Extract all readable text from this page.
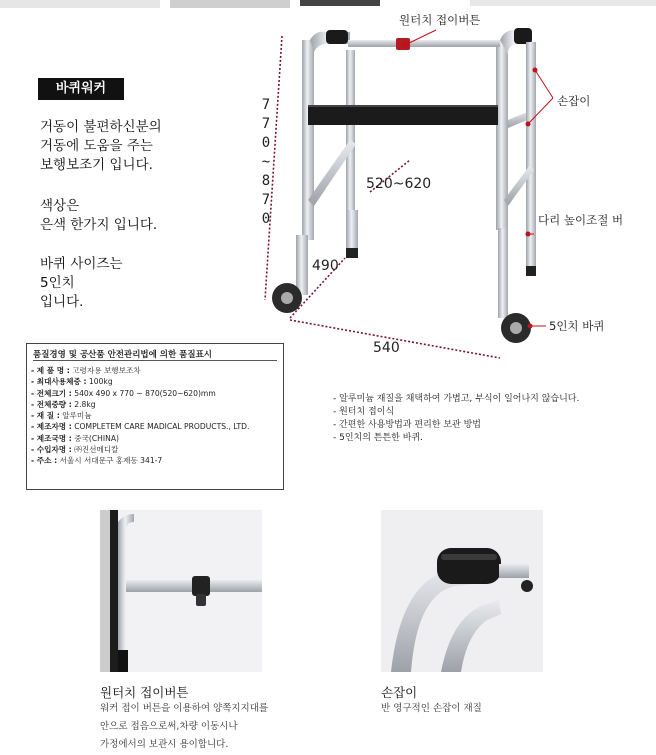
바퀴워커
거동이 불편하신분의
거동에 도움을 주는
보행보조기 입니다.
색상은
은색 한가지 입니다.
바퀴 사이즈는
5인치
입니다.
7
7
0
~
8
7
0
원터치 접이버튼
손잡이
다리 높이조절 버
5인치 바퀴
520~620
490
540
품질경영 및 공산품 안전관리법에 의한 품질표시
- 제 품 명 : 고령자용 보행보조차
- 최대사용체중 : 100kg
- 전체크기 : 540x 490 x 770 ~ 870(520~620)mm
- 전체중량 : 2.8kg
- 재 질 : 알루미늄
- 제조자명 : COMPLETEM CARE MADICAL PRODUCTS., LTD.
- 제조국명 : 중국(CHINA)
- 수입자명 : ㈜진선메디칼
- 주소 : 서울시 서대문구 홍제동 341-7
- 알루미늄 재질을 채택하여 가볍고, 부식이 일어나지 않습니다.
- 원터치 접이식
- 간편한 사용방법과 편리한 보관 방법
- 5인치의 튼튼한 바퀴.
원터치 접이버튼
워커 접이 버튼을 이용하여 양쪽지지대를
안으로 접음으로써,차량 이동시나
가정에서의 보관시 용이합니다.
손잡이
반 영구적인 손잡이 재질
